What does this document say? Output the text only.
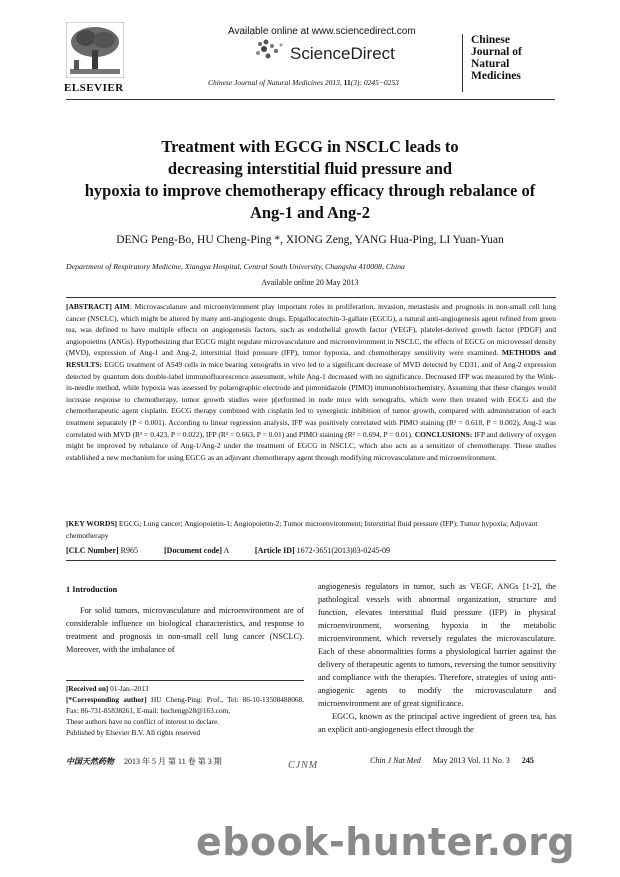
ELSEVIER
Available online at www.sciencedirect.com
ScienceDirect
Chinese Journal of Natural Medicines 2013, 11(3): 0245−0253
Chinese
Journal of
Natural
Medicines
Treatment with EGCG in NSCLC leads to
decreasing interstitial fluid pressure and
hypoxia to improve chemotherapy efficacy through rebalance of
Ang-1 and Ang-2
DENG Peng-Bo, HU Cheng-Ping *, XIONG Zeng, YANG Hua-Ping, LI Yuan-Yuan
Department of Respiratory Medicine, Xiangya Hospital, Central South University, Changsha 410008, China
Available online 20 May 2013
[ABSTRACT] AIM: Microvasculature and microenvironment play important roles in proliferation, invasion, metastasis and prognosis in non-small cell lung cancer (NSCLC), which might be altered by many anti-angiogenic drugs. Epigallocatechin-3-gallate (EGCG), a natural anti-angiogenesis agent refined from green tea, was defined to have multiple effects on angiogenesis factors, such as endothelial growth factor (VEGF), platelet-derived growth factor (PDGF) and angiopoietins (ANGs). Hypothesizing that EGCG might regulate microvasculature and microenvironment in NSCLC, the effects of EGCG on microvessel density (MVD), expression of Ang-1 and Ang-2, interstitial fluid pressure (IFP), tumor hypoxia, and chemotherapy sensitivity were examined. METHODS and RESULTS: EGCG treatment of A549 cells in mice bearing xenografts in vivo led to a significant decrease of MVD detected by CD31, and of Ang-2 expression detected by quantum dots double-label immunofluorescence assessment, while Ang-1 decreased with no significance. Decreased IFP was measured by the Wink-in-needle method, while hypoxia was assessed by polarographic electrode and pimonidazole (PIMO) immunohistochemistry. Assuming that these changes would increase response to chemotherapy, tumor growth studies were p[erformed in nude mice with xenografts, which were then treated with EGCG and the chemotherapeutic agent cisplatin. EGCG therapy combined with cisplatin led to synergistic inhibition of tumor growth, compared with administration of each treatment separately (P < 0.001). According to linear regression analysis, IFP was positively correlated with PIMO staining (R² = 0.618, P = 0.002), Ang-2 was correlated with MVD (R² = 0.423, P = 0.022), IFP (R² = 0.663, P = 0.01) and PIMO staining (R² = 0.694, P = 0.01). CONCLUSIONS: IFP and delivery of oxygen might be improved by rebalance of Ang-1/Ang-2 under the treatment of EGCG in NSCLC, which also acts as a sensitizer of chemotherapy. These studies established a new mechanism for using EGCG as an adjuvant chemotherapy agent through modifying microvasculature and microenvironment.
[KEY WORDS] EGCG; Lung cancer; Angiopoietin-1; Angiopoietin-2; Tumor microenvironment; Interstitial fluid pressure (IFP); Tumor hypoxia; Adjuvant chemotherapy
[CLC Number] R965	[Document code] A	[Article ID] 1672-3651(2013)03-0245-09
1 Introduction
For solid tumors, microvasculature and microenvironment are of considerable influence on biological characteristics, and response to treatment and prognosis in non-small cell lung cancer (NSCLC). Moreover, with the imbalance of
angiogenesis regulators in tumor, such as VEGF, ANGs [1-2], the pathological vessels with abnormal organization, structure and function, elevates interstitial fluid pressure (IFP) in physical microenvironment, worsening hypoxia in the metabolic microenvironment, which reversely regulates the microvasculature. Each of these abnormalities forms a physiological barrier against the delivery of therapeutic agents to tumors, reversing the tumor sensitivity and compliance with the therapies. Therefore, strategies of using anti-angiogenic agents to modify the microvasculature and microenvironment are of great significance.
EGCG, known as the principal active ingredient of green tea, has an explicit anti-angiogenesis effect through the
[Received on] 01-Jan.-2013
[*Corresponding author] HU Cheng-Ping: Prof., Tel: 86-10-13508488068, Fax: 86-731-85838261, E-mail: huchengp28@163.com,
These authors have no conflict of interest to declare.
Published by Elsevier B.V. All rights reserved
中国天然药物 2013 年 5 月 第 11 卷 第 3 期	CJNM	Chin J Nat Med May 2013 Vol. 11 No. 3 245
ebook-hunter.org
